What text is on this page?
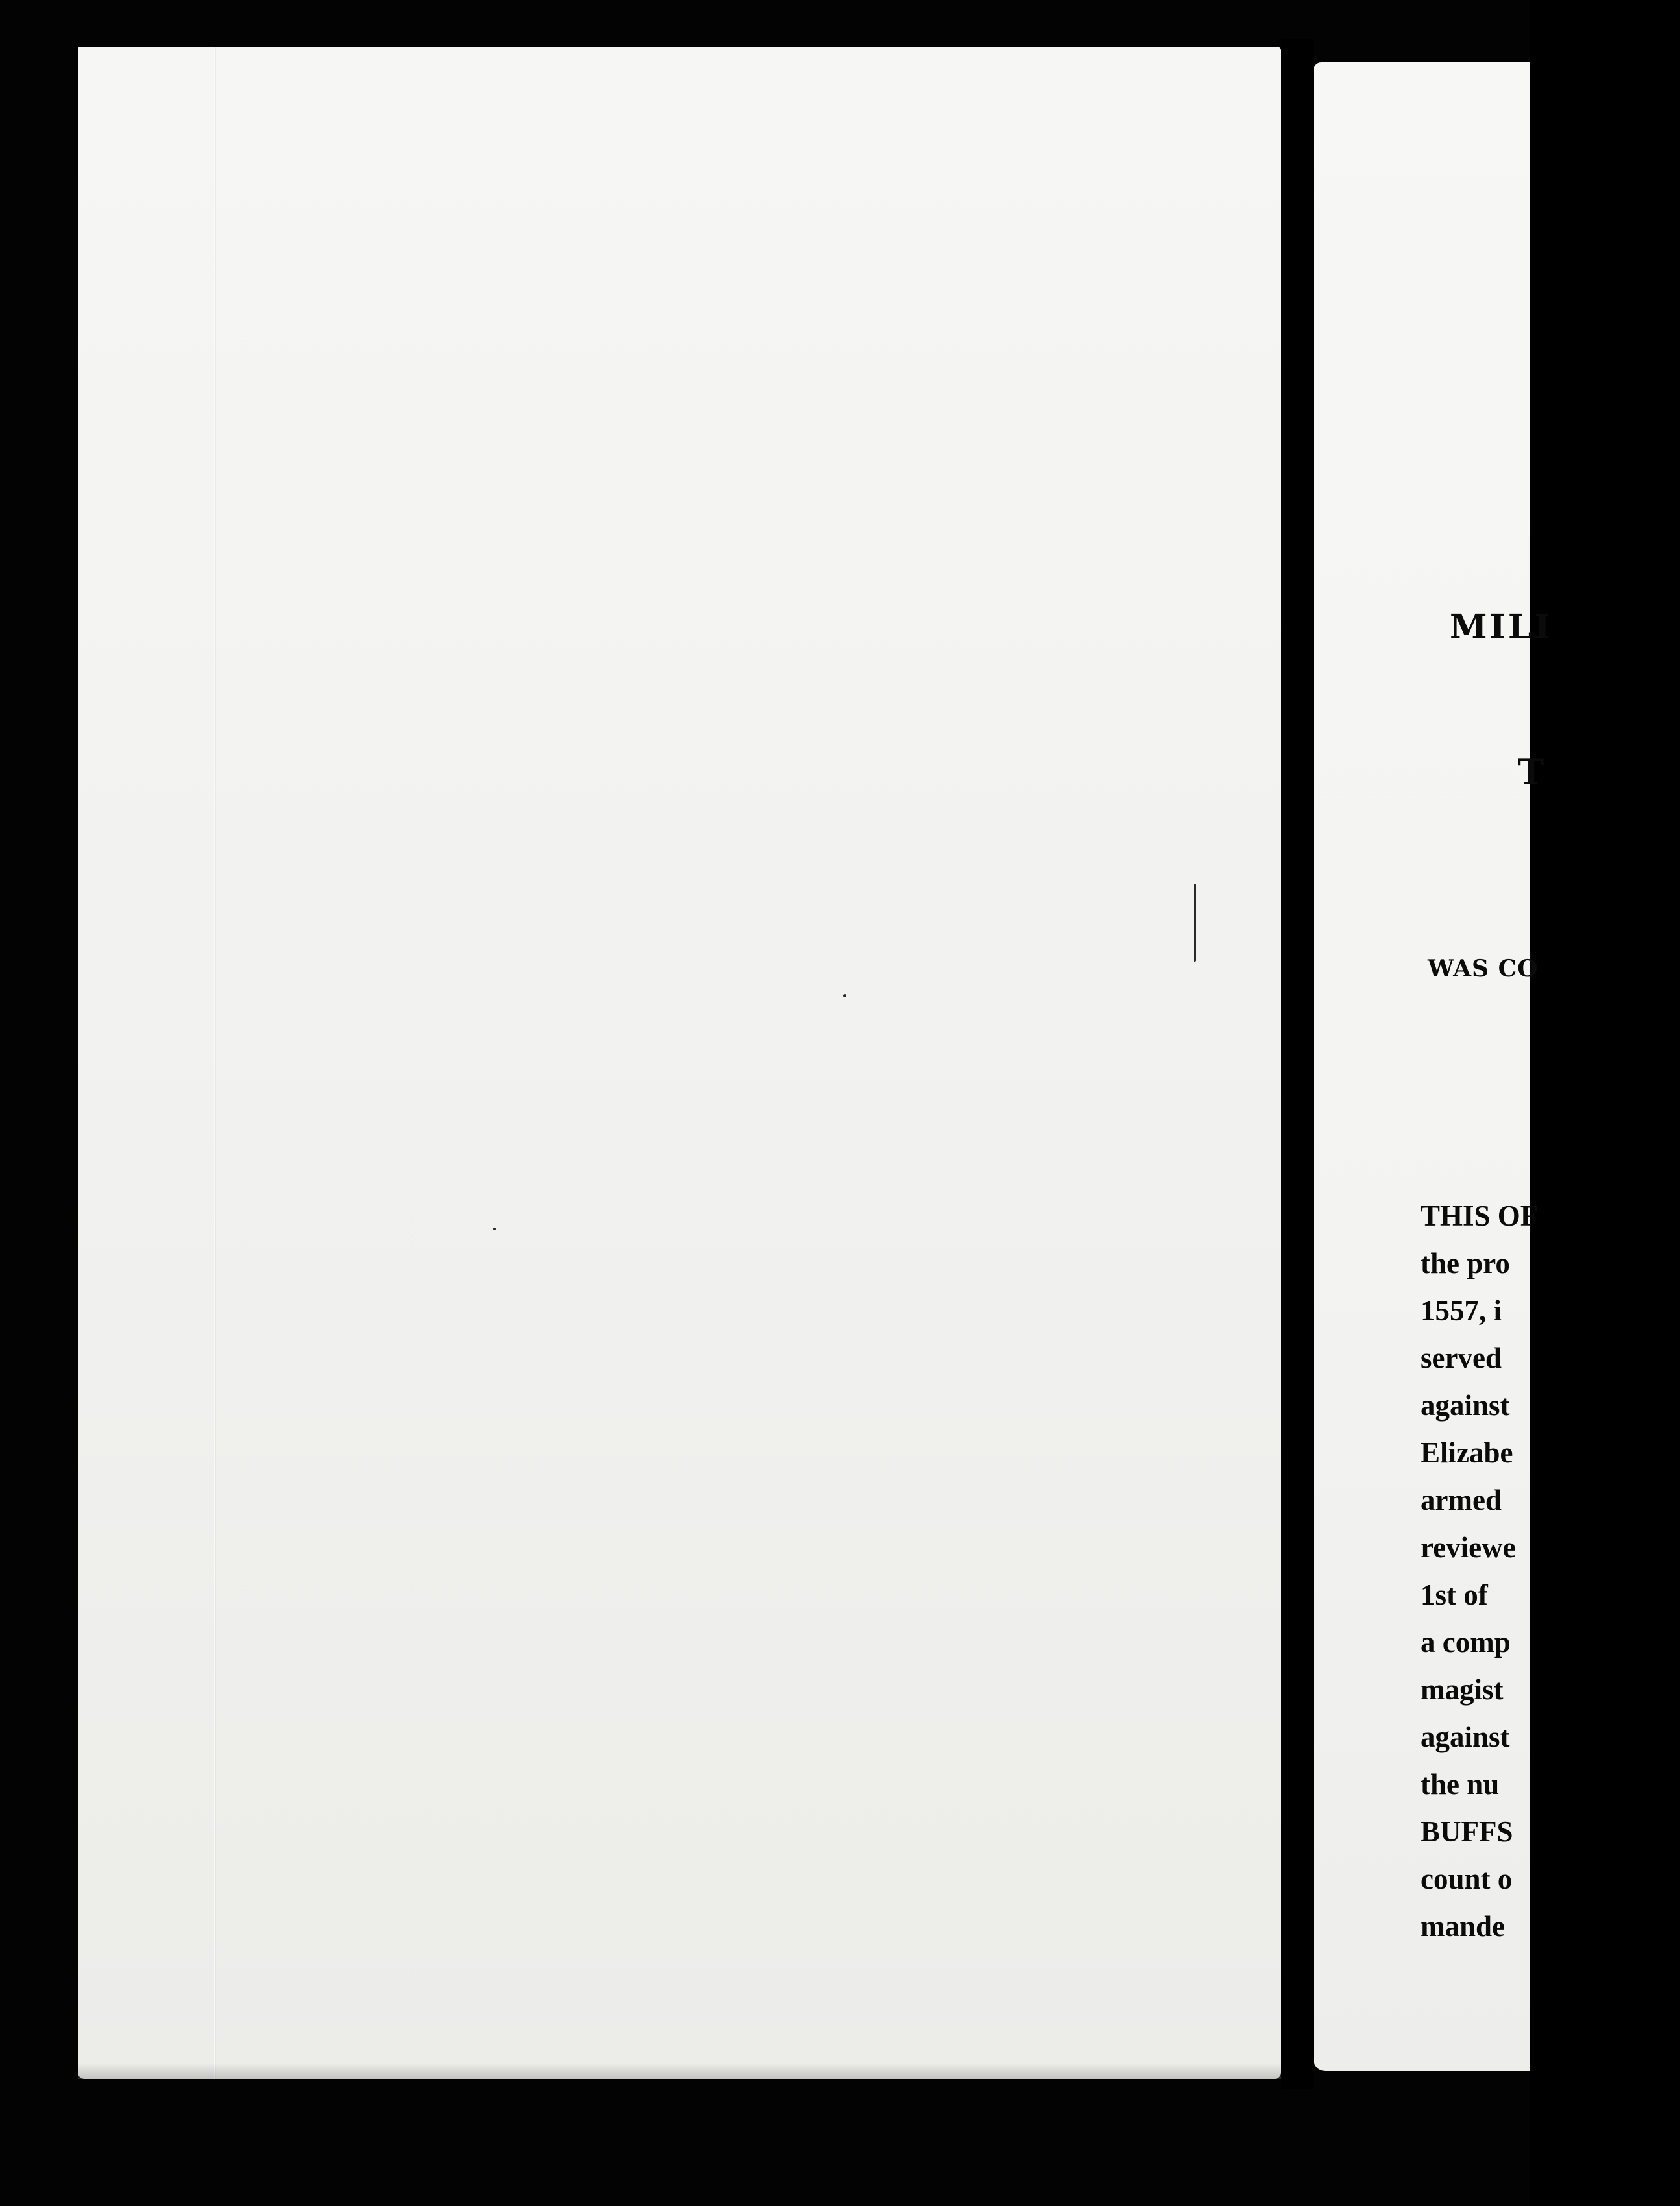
MILI
T
WAS CO
THIS OF
the pro
1557, i
served
against
Elizabe
armed
reviewe
1st of
a comp
magist
against
the nu
BUFFS
count o
mande
